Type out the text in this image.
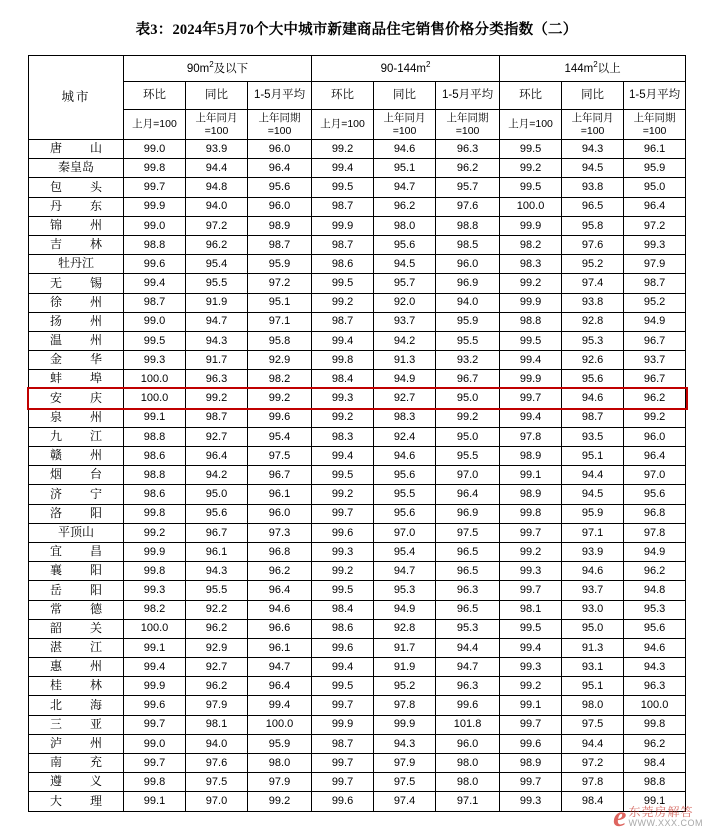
表3：2024年5月70个大中城市新建商品住宅销售价格分类指数（二）
城市	$90m^2$及以下			$90-144m^2$			$144m^2$以上		
	环比	同比	1-5月平均	环比	同比	1-5月平均	环比	同比	1-5月平均
	上月=100	上年同月=100	上年同期=100	上月=100	上年同月=100	上年同期=100	上月=100	上年同月=100	上年同期=100

唐 山	99.0	93.9	96.0	99.2	94.6	96.3	99.5	94.3	96.1

秦皇岛	99.8	94.4	96.4	99.4	95.1	96.2	99.2	94.5	95.9

包 头	99.7	94.8	95.6	99.5	94.7	95.7	99.5	93.8	95.0

丹 东	99.9	94.0	96.0	98.7	96.2	97.6	100.0	96.5	96.4

锦 州	99.0	97.2	98.9	99.9	98.0	98.8	99.9	95.8	97.2

吉 林	98.8	96.2	98.7	98.7	95.6	98.5	98.2	97.6	99.3

牡丹江	99.6	95.4	95.9	98.6	94.5	96.0	98.3	95.2	97.9

无 锡	99.4	95.5	97.2	99.5	95.7	96.9	99.2	97.4	98.7

徐 州	98.7	91.9	95.1	99.2	92.0	94.0	99.9	93.8	95.2

扬 州	99.0	94.7	97.1	98.7	93.7	95.9	98.8	92.8	94.9

温 州	99.5	94.3	95.8	99.4	94.2	95.5	99.5	95.3	96.7

金 华	99.3	91.7	92.9	99.8	91.3	93.2	99.4	92.6	93.7

蚌 埠	100.0	96.3	98.2	98.4	94.9	96.7	99.9	95.6	96.7

安 庆	100.0	99.2	99.2	99.3	92.7	95.0	99.7	94.6	96.2

泉 州	99.1	98.7	99.6	99.2	98.3	99.2	99.4	98.7	99.2

九 江	98.8	92.7	95.4	98.3	92.4	95.0	97.8	93.5	96.0

赣 州	98.6	96.4	97.5	99.4	94.6	95.5	98.9	95.1	96.4

烟 台	98.8	94.2	96.7	99.5	95.6	97.0	99.1	94.4	97.0

济 宁	98.6	95.0	96.1	99.2	95.5	96.4	98.9	94.5	95.6

洛 阳	99.8	95.6	96.0	99.7	95.6	96.9	99.8	95.9	96.8

平顶山	99.2	96.7	97.3	99.6	97.0	97.5	99.7	97.1	97.8

宜 昌	99.9	96.1	96.8	99.3	95.4	96.5	99.2	93.9	94.9

襄 阳	99.8	94.3	96.2	99.2	94.7	96.5	99.3	94.6	96.2

岳 阳	99.3	95.5	96.4	99.5	95.3	96.3	99.7	93.7	94.8

常 德	98.2	92.2	94.6	98.4	94.9	96.5	98.1	93.0	95.3

韶 关	100.0	96.2	96.6	98.6	92.8	95.3	99.5	95.0	95.6

湛 江	99.1	92.9	96.1	99.6	91.7	94.4	99.4	91.3	94.6

惠 州	99.4	92.7	94.7	99.4	91.9	94.7	99.3	93.1	94.3

桂 林	99.9	96.2	96.4	99.5	95.2	96.3	99.2	95.1	96.3

北 海	99.6	97.9	99.4	99.7	97.8	99.6	99.1	98.0	100.0

三 亚	99.7	98.1	100.0	99.9	99.9	101.8	99.7	97.5	99.8

泸 州	99.0	94.0	95.9	98.7	94.3	96.0	99.6	94.4	96.2

南 充	99.7	97.6	98.0	99.7	97.9	98.0	98.9	97.2	98.4

遵 义	99.8	97.5	97.9	99.7	97.5	98.0	99.7	97.8	98.8

大 理	99.1	97.0	99.2	99.6	97.4	97.1	99.3	98.4	99.1
e 东莞房解答
WWW.XXX.COM
